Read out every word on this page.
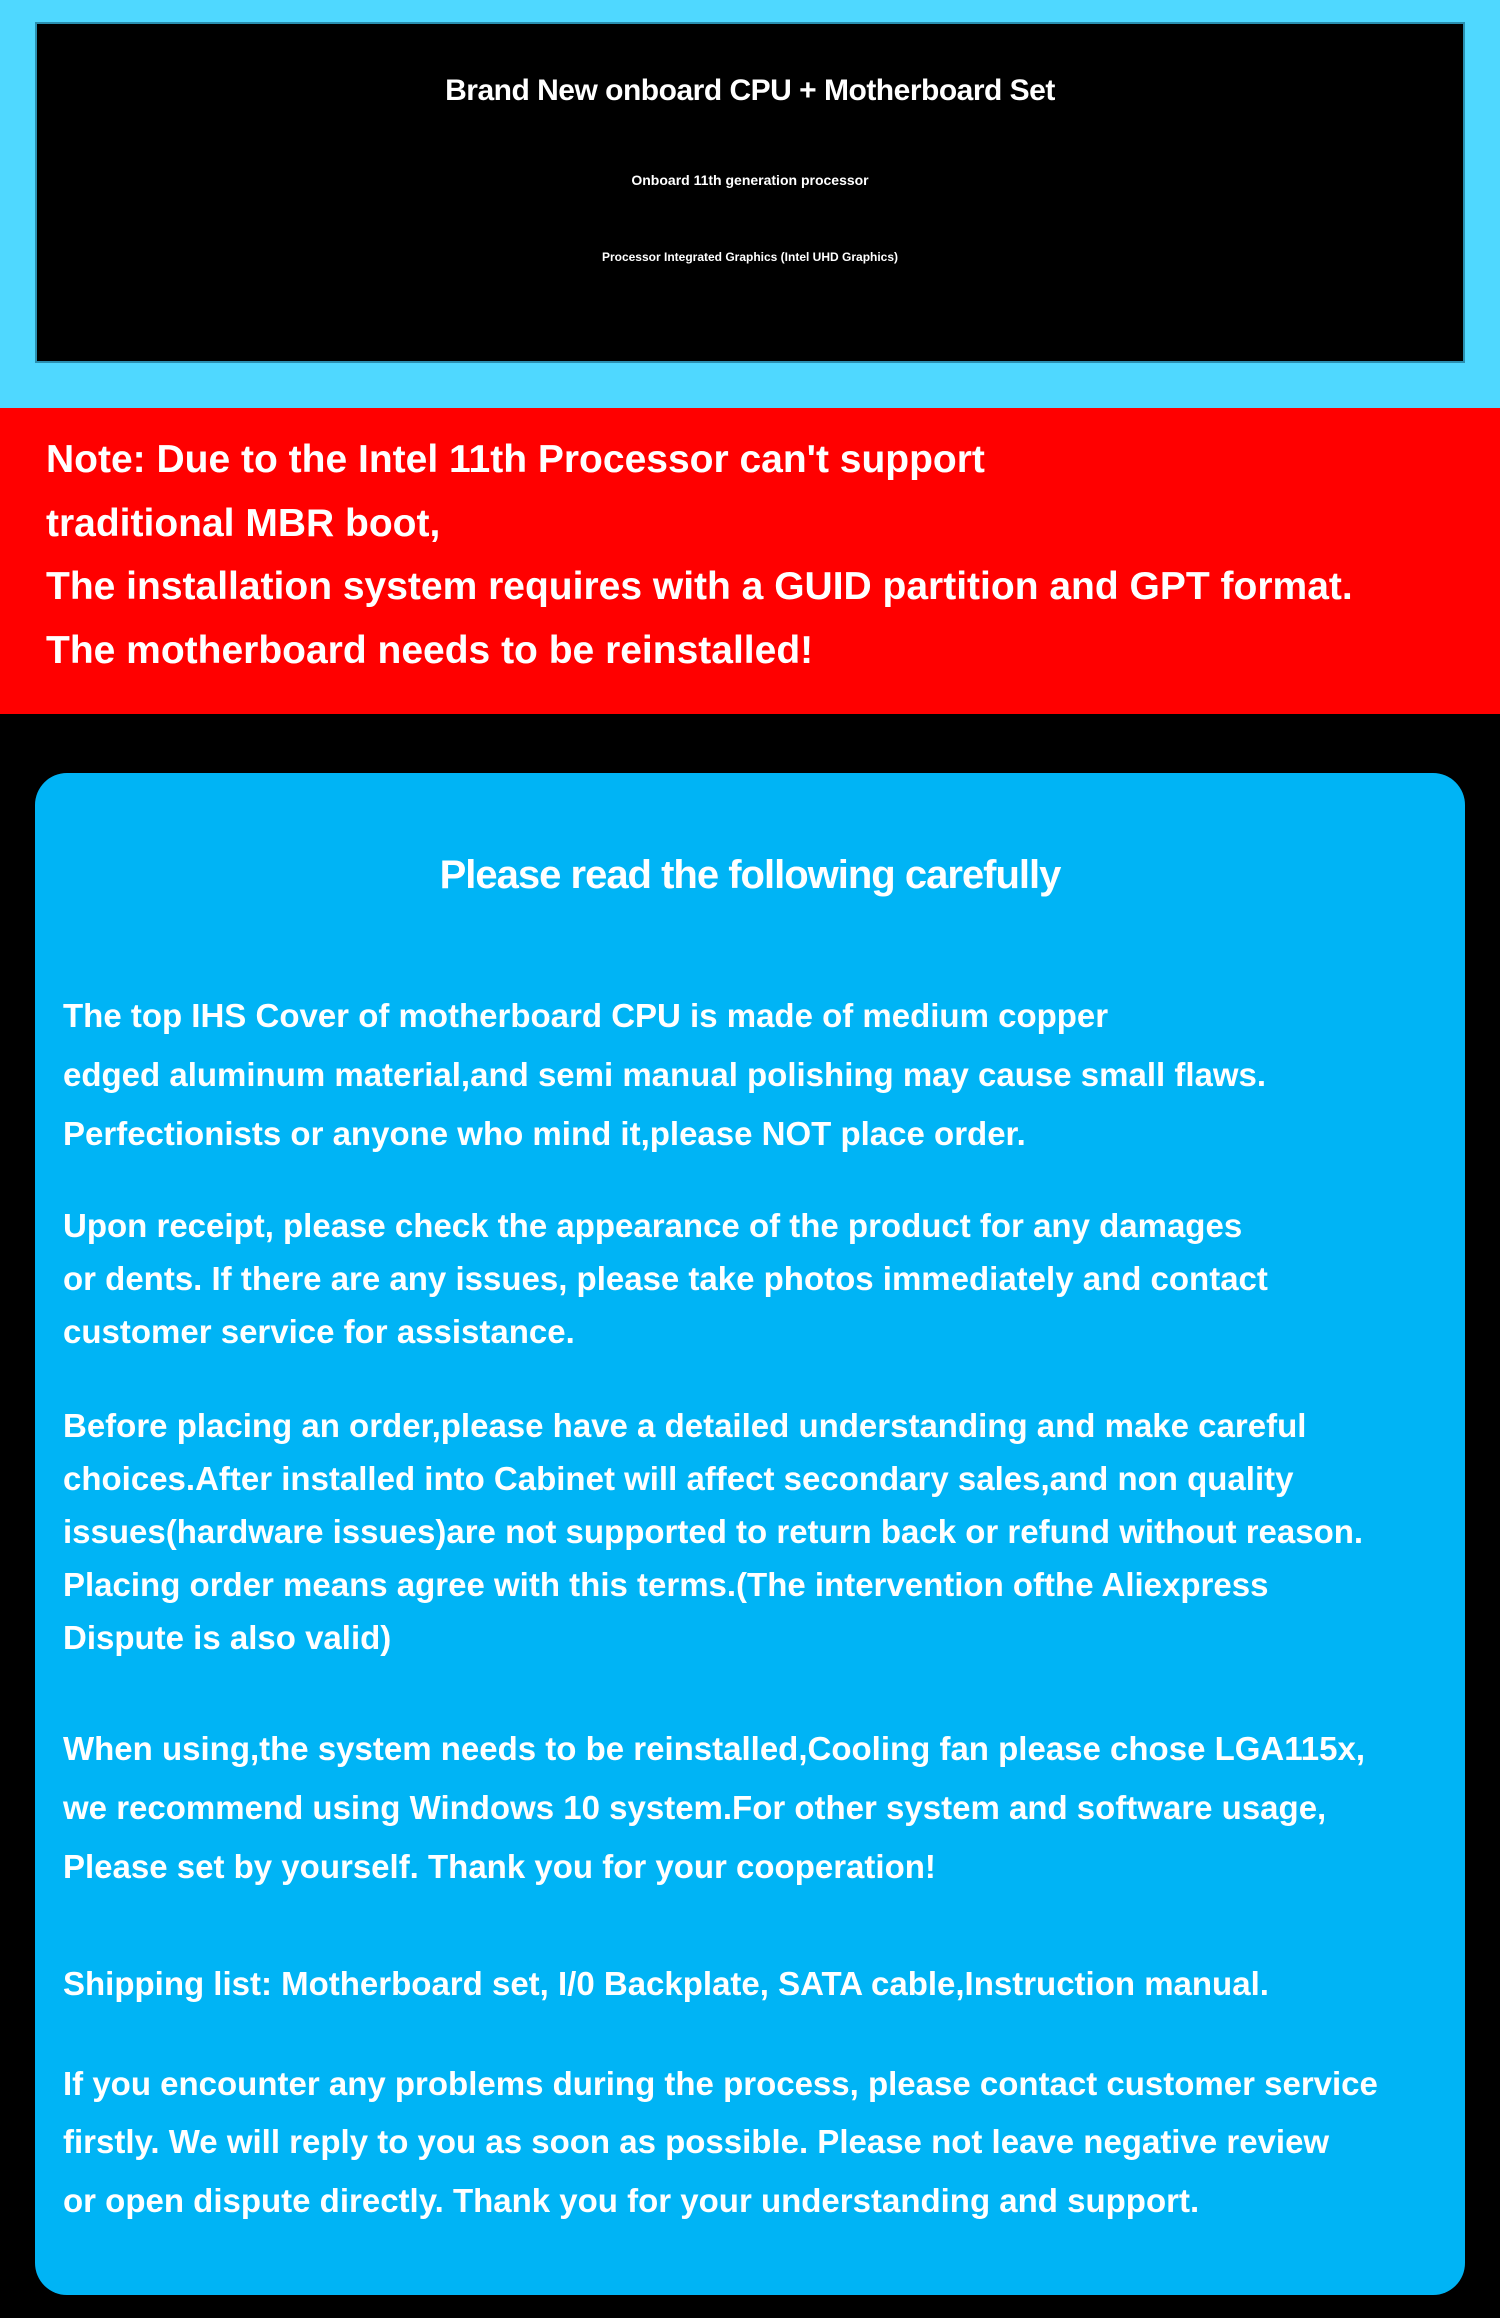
Brand New onboard CPU + Motherboard Set
Onboard 11th generation processor
Processor Integrated Graphics (Intel UHD Graphics)
Note: Due to the Intel 11th Processor can't support
traditional MBR boot,
The installation system requires with a GUID partition and GPT format.
The motherboard needs to be reinstalled!
Please read the following carefully
The top IHS Cover of motherboard CPU is made of medium copper
edged aluminum material,and semi manual polishing may cause small flaws.
Perfectionists or anyone who mind it,please NOT place order.
Upon receipt, please check the appearance of the product for any damages
or dents. If there are any issues, please take photos immediately and contact
customer service for assistance.
Before placing an order,please have a detailed understanding and make careful
choices.After installed into Cabinet will affect secondary sales,and non quality
issues(hardware issues)are not supported to return back or refund without reason.
Placing order means agree with this terms.(The intervention ofthe Aliexpress
Dispute is also valid)
When using,the system needs to be reinstalled,Cooling fan please chose LGA115x,
we recommend using Windows 10 system.For other system and software usage,
Please set by yourself. Thank you for your cooperation!
Shipping list: Motherboard set, I/0 Backplate, SATA cable,Instruction manual.
If you encounter any problems during the process, please contact customer service
firstly. We will reply to you as soon as possible. Please not leave negative review
or open dispute directly. Thank you for your understanding and support.
